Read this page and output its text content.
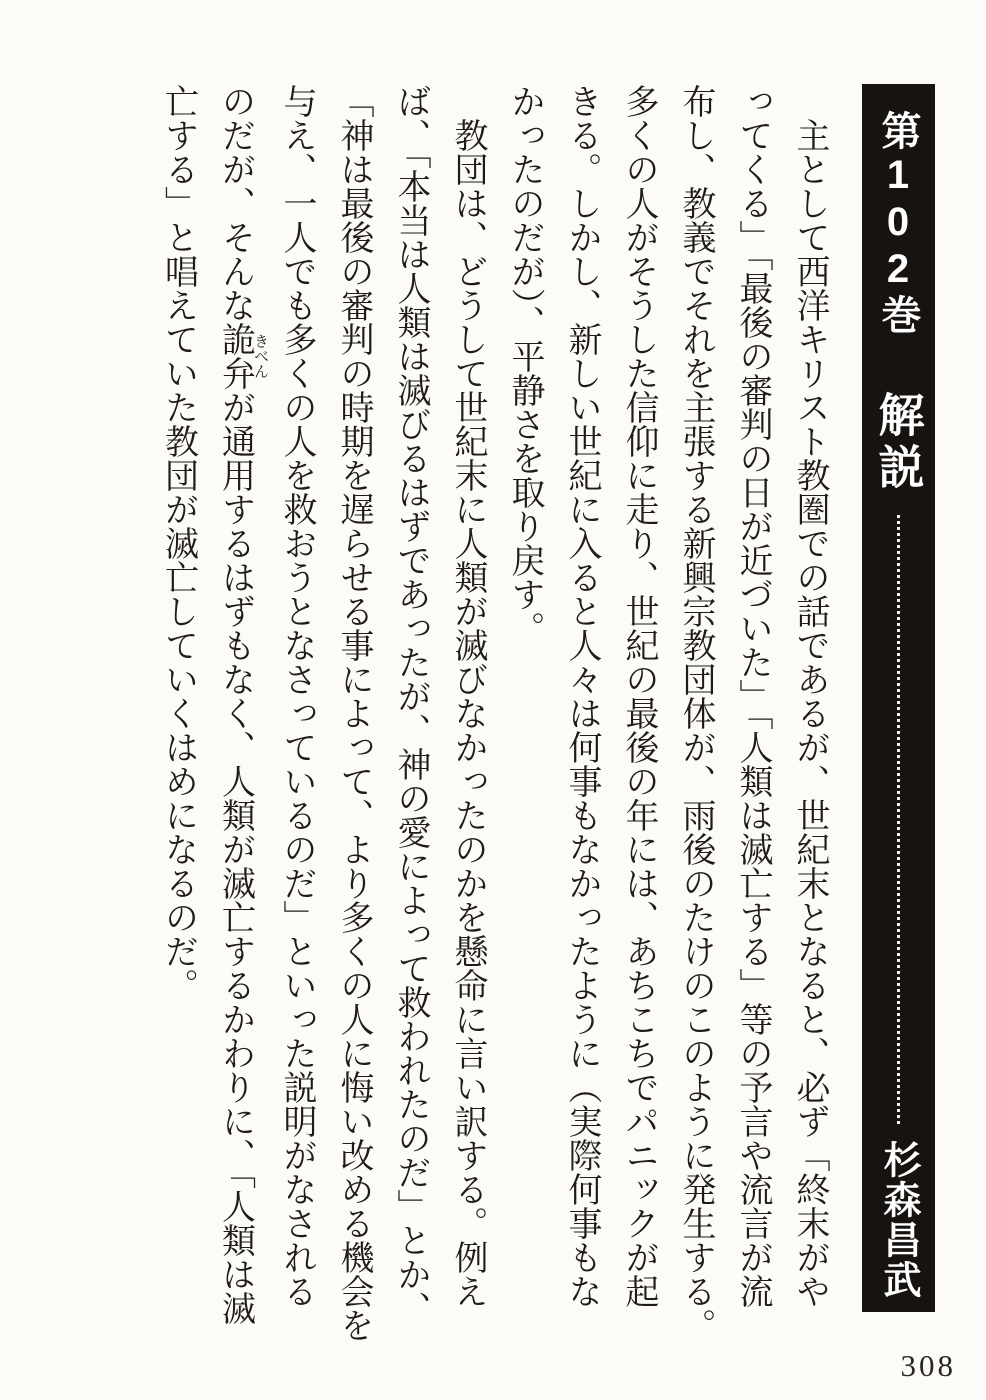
第102巻
解説
杉森昌武
主として西洋キリスト教圏での話であるが、世紀末となると、必ず「終末がや
ってくる」「最後の審判の日が近づいた」「人類は滅亡する」等の予言や流言が流
布し、教義でそれを主張する新興宗教団体が、雨後のたけのこのように発生する。
多くの人がそうした信仰に走り、世紀の最後の年には、あちこちでパニックが起
きる。しかし、新しい世紀に入ると人々は何事もなかったように（実際何事もな
かったのだが）、平静さを取り戻す。
教団は、どうして世紀末に人類が滅びなかったのかを懸命に言い訳する。例え
ば、「本当は人類は滅びるはずであったが、神の愛によって救われたのだ」とか、
「神は最後の審判の時期を遅らせる事によって、より多くの人に悔い改める機会を
与え、一人でも多くの人を救おうとなさっているのだ」といった説明がなされる
のだが、そんな詭弁きべんが通用するはずもなく、人類が滅亡するかわりに、「人類は滅
亡する」と唱えていた教団が滅亡していくはめになるのだ。
308
